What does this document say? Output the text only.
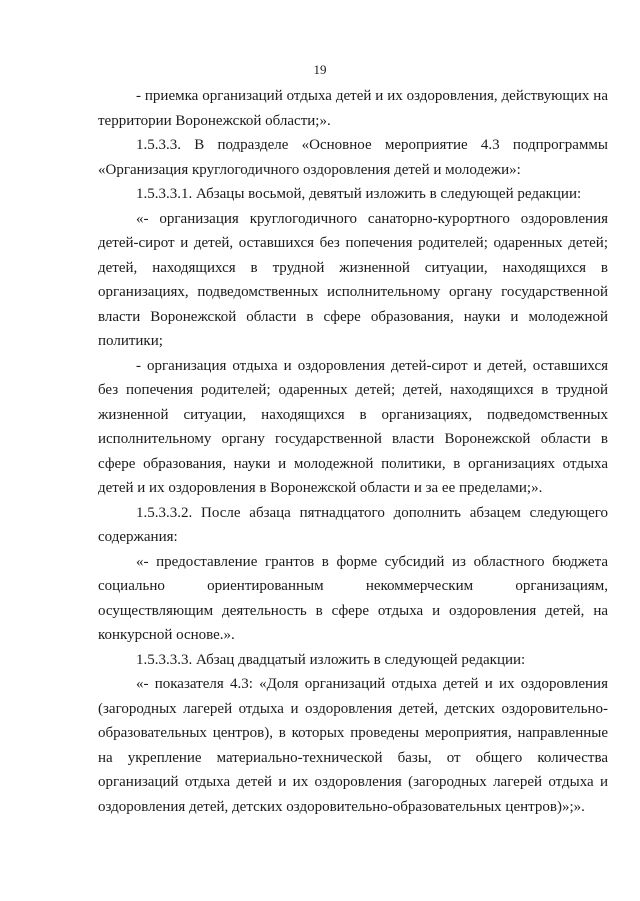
19

- приемка организаций отдыха детей и их оздоровления, действующих на территории Воронежской области;».

1.5.3.3. В подразделе «Основное мероприятие 4.3 подпрограммы «Организация круглогодичного оздоровления детей и молодежи»:

1.5.3.3.1. Абзацы восьмой, девятый изложить в следующей редакции:

«- организация круглогодичного санаторно-курортного оздоровления детей-сирот и детей, оставшихся без попечения родителей; одаренных детей; детей, находящихся в трудной жизненной ситуации, находящихся в организациях, подведомственных исполнительному органу государственной власти Воронежской области в сфере образования, науки и молодежной политики;

- организация отдыха и оздоровления детей-сирот и детей, оставшихся без попечения родителей; одаренных детей; детей, находящихся в трудной жизненной ситуации, находящихся в организациях, подведомственных исполнительному органу государственной власти Воронежской области в сфере образования, науки и молодежной политики, в организациях отдыха детей и их оздоровления в Воронежской области и за ее пределами;».

1.5.3.3.2. После абзаца пятнадцатого дополнить абзацем следующего содержания:

«- предоставление грантов в форме субсидий из областного бюджета социально ориентированным некоммерческим организациям, осуществляющим деятельность в сфере отдыха и оздоровления детей, на конкурсной основе.».

1.5.3.3.3. Абзац двадцатый изложить в следующей редакции:

«- показателя 4.3: «Доля организаций отдыха детей и их оздоровления (загородных лагерей отдыха и оздоровления детей, детских оздоровительно-образовательных центров), в которых проведены мероприятия, направленные на укрепление материально-технической базы, от общего количества организаций отдыха детей и их оздоровления (загородных лагерей отдыха и оздоровления детей, детских оздоровительно-образовательных центров)»;».
